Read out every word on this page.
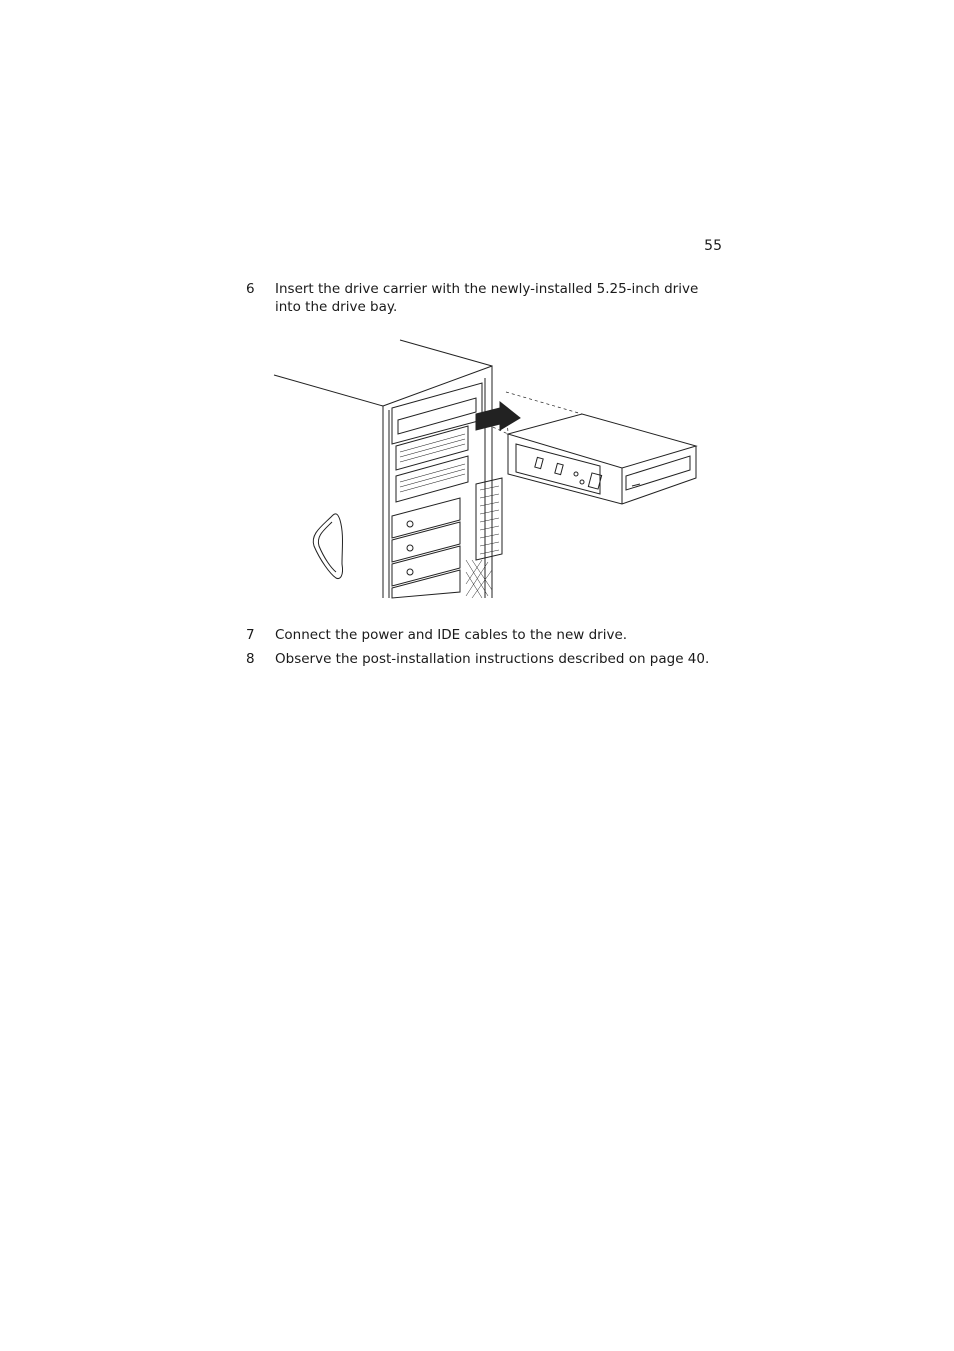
55
6	Insert the drive carrier with the newly-installed 5.25-inch drive into the drive bay.
7	Connect the power and IDE cables to the new drive.
8	Observe the post-installation instructions described on page 40.
